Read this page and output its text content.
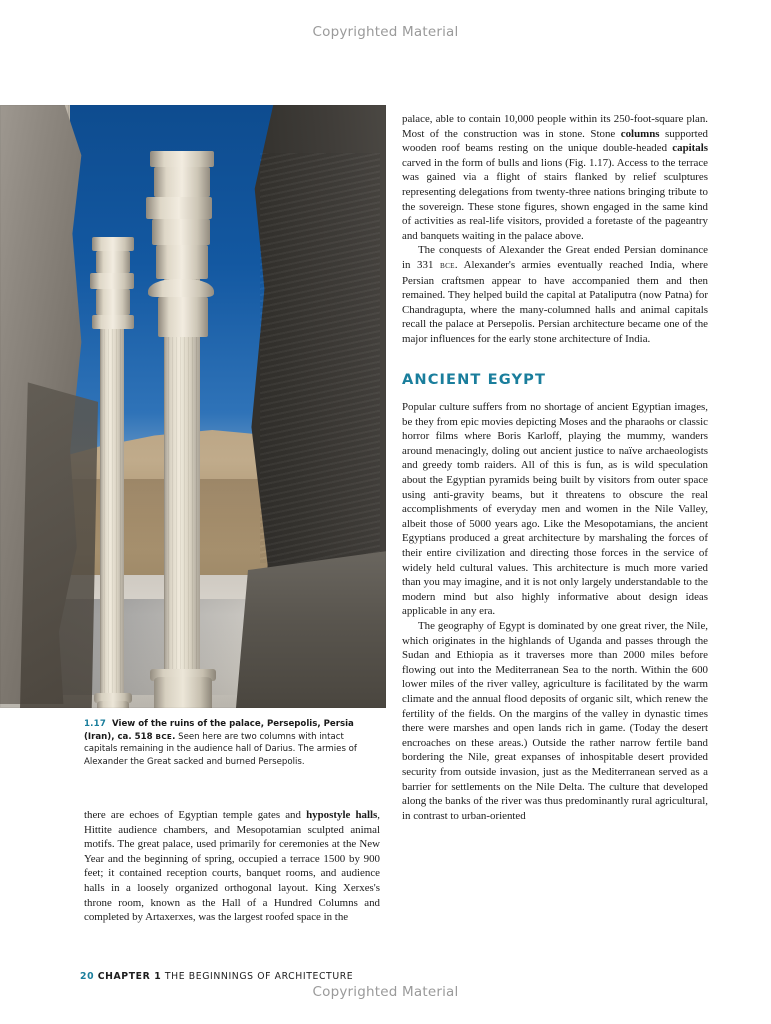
Copyrighted Material
1.17 View of the ruins of the palace, Persepolis, Persia (Iran), ca. 518 BCE. Seen here are two columns with intact capitals remaining in the audience hall of Darius. The armies of Alexander the Great sacked and burned Persepolis.

there are echoes of Egyptian temple gates and hypostyle halls, Hittite audience chambers, and Mesopotamian sculpted animal motifs. The great palace, used primarily for ceremonies at the New Year and the beginning of spring, occupied a terrace 1500 by 900 feet; it contained reception courts, banquet rooms, and audience halls in a loosely organized orthogonal layout. King Xerxes's throne room, known as the Hall of a Hundred Columns and completed by Artaxerxes, was the largest roofed space in the

palace, able to contain 10,000 people within its 250-foot-square plan. Most of the construction was in stone. Stone columns supported wooden roof beams resting on the unique double-headed capitals carved in the form of bulls and lions (Fig. 1.17). Access to the terrace was gained via a flight of stairs flanked by relief sculptures representing delegations from twenty-three nations bringing tribute to the sovereign. These stone figures, shown engaged in the same kind of activities as real-life visitors, provided a foretaste of the pageantry and banquets waiting in the palace above.

The conquests of Alexander the Great ended Persian dominance in 331 BCE. Alexander's armies eventually reached India, where Persian craftsmen appear to have accompanied them and then remained. They helped build the capital at Pataliputra (now Patna) for Chandragupta, where the many-columned halls and animal capitals recall the palace at Persepolis. Persian architecture became one of the major influences for the early stone architecture of India.

ANCIENT EGYPT

Popular culture suffers from no shortage of ancient Egyptian images, be they from epic movies depicting Moses and the pharaohs or classic horror films where Boris Karloff, playing the mummy, wanders around menacingly, doling out ancient justice to naïve archaeologists and greedy tomb raiders. All of this is fun, as is wild speculation about the Egyptian pyramids being built by visitors from outer space using anti-gravity beams, but it threatens to obscure the real accomplishments of everyday men and women in the Nile Valley, albeit those of 5000 years ago. Like the Mesopotamians, the ancient Egyptians produced a great architecture by marshaling the forces of their entire civilization and directing those forces in the service of widely held cultural values. This architecture is much more varied than you may imagine, and it is not only largely understandable to the modern mind but also highly informative about design ideas applicable in any era.

The geography of Egypt is dominated by one great river, the Nile, which originates in the highlands of Uganda and passes through the Sudan and Ethiopia as it traverses more than 2000 miles before flowing out into the Mediterranean Sea to the north. Within the 600 lower miles of the river valley, agriculture is facilitated by the warm climate and the annual flood deposits of organic silt, which renew the fertility of the fields. On the margins of the valley in dynastic times there were marshes and open lands rich in game. (Today the desert encroaches on these areas.) Outside the rather narrow fertile band bordering the Nile, great expanses of inhospitable desert provided security from outside invasion, just as the Mediterranean served as a barrier for settlements on the Nile Delta. The culture that developed along the banks of the river was thus predominantly rural agricultural, in contrast to urban-oriented

20 CHAPTER 1 THE BEGINNINGS OF ARCHITECTURE
Copyrighted Material
